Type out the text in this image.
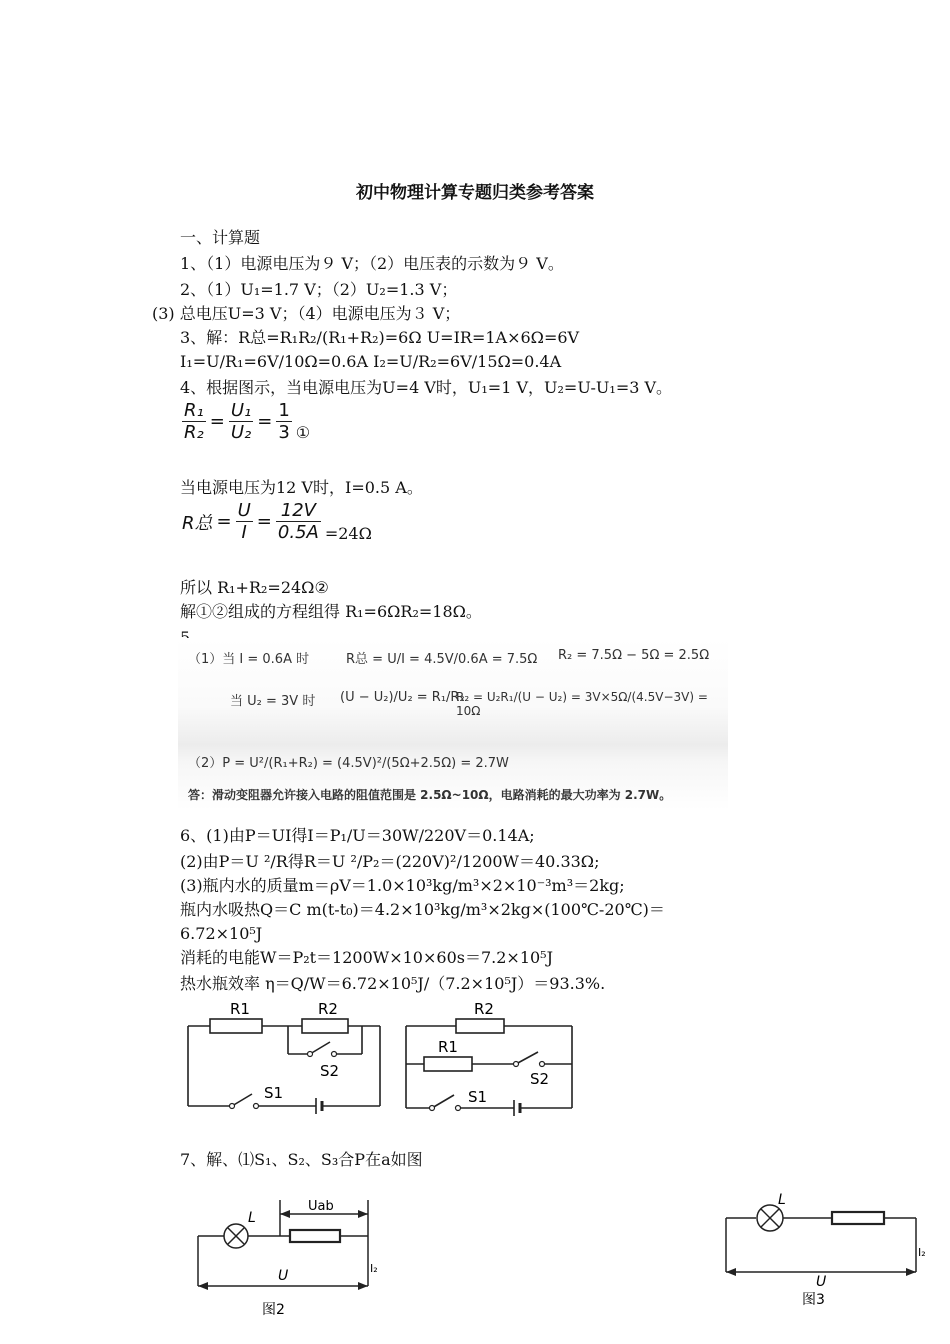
初中物理计算专题归类参考答案
一、计算题
1、（1）电源电压为９ V；（2）电压表的示数为９ V。
2、（1）U₁=1.7 V；（2）U₂=1.3 V；
(3) 总电压U=3 V；（4）电源电压为３ V；
3、解：R总=R₁R₂/(R₁+R₂)=6Ω U=IR=1A×6Ω=6V
I₁=U/R₁=6V/10Ω=0.6A I₂=U/R₂=6V/15Ω=0.4A
4、根据图示，当电源电压为U=4 V时，U₁=1 V，U₂=U-U₁=3 V。
$\frac{\text{R₁}}{\text{R₂}} = \frac{\text{U₁}}{\text{U₂}} = \frac{1}{3}$ ①
当电源电压为12 V时，I=0.5 A。
R总 = $\frac{U}{I} = \frac{12V}{0.5A} =24\Omega$
所以 R₁+R₂=24Ω②
解①②组成的方程组得 R₁=6ΩR₂=18Ω。
（1）当 I = 0.6A 时	R总 = U/I = 4.5V/0.6A = 7.5Ω R₂ = 7.5Ω − 5Ω = 2.5Ω
当 U₂ = 3V 时 (U − U₂)/U₂ = R₁/R₂
R₂ = U₂R₁/(U − U₂) = 3V×5Ω/(4.5V−3V) = 10Ω
（2）P = U²/(R₁+R₂) = (4.5V)²/(5Ω+2.5Ω) = 2.7W
答：滑动变阻器允许接入电路的阻值范围是 2.5Ω~10Ω，电路消耗的最大功率为 2.7W。
6、(1)由P＝UI得I＝P₁/U＝30W/220V＝0.14A;
(2)由P＝U ²/R得R＝U ²/P₂＝(220V)²/1200W＝40.33Ω;
(3)瓶内水的质量m＝ρV＝1.0×10³kg/m³×2×10⁻³m³＝2kg;
瓶内水吸热Q＝C m(t-t₀)＝4.2×10³kg/m³×2kg×(100℃-20℃)＝
6.72×10⁵J
消耗的电能W＝P₂t＝1200W×10×60s＝7.2×10⁵J
热水瓶效率 η＝Q/W＝6.72×10⁵J/（7.2×10⁵J）＝93.3%.
R1	R2
S2
S1
R2
R1
S2
S1
7、解、⑴S₁、S₂、S₃合P在a如图
L
Uab
I₂
U
图2
L
I₂
U
图3
